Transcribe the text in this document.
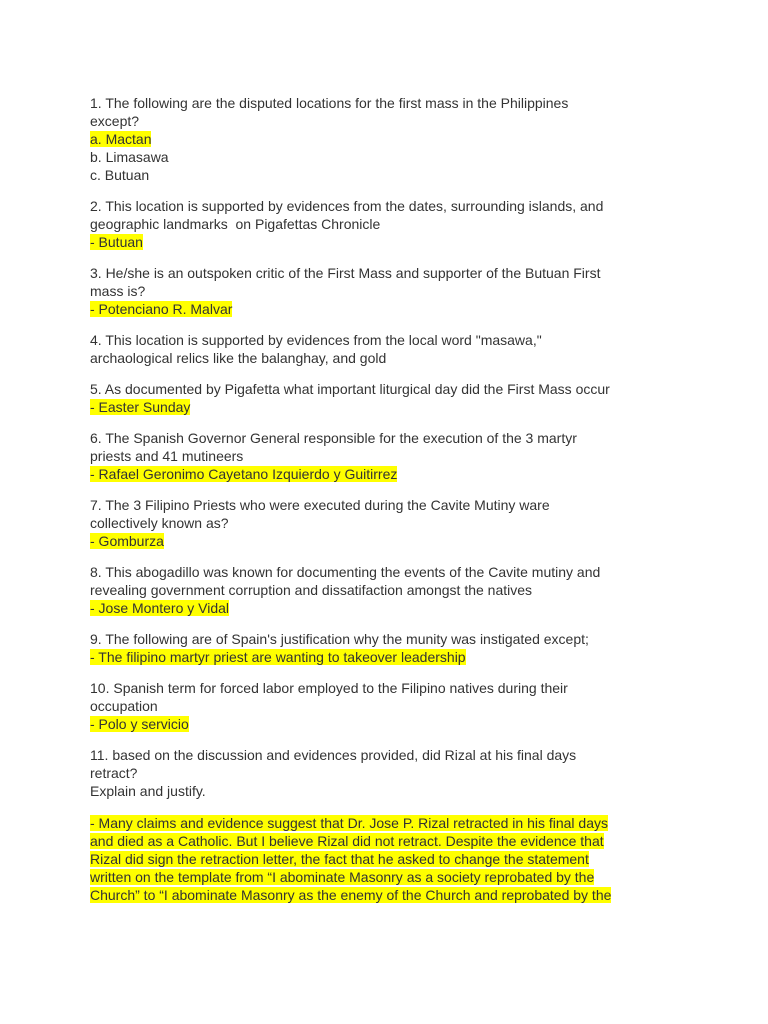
1. The following are the disputed locations for the first mass in the Philippines
except?
a. Mactan
b. Limasawa
c. Butuan
2. This location is supported by evidences from the dates, surrounding islands, and
geographic landmarks  on Pigafettas Chronicle
- Butuan
3. He/she is an outspoken critic of the First Mass and supporter of the Butuan First
mass is?
- Potenciano R. Malvar
4. This location is supported by evidences from the local word "masawa,"
archaological relics like the balanghay, and gold
5. As documented by Pigafetta what important liturgical day did the First Mass occur
- Easter Sunday
6. The Spanish Governor General responsible for the execution of the 3 martyr
priests and 41 mutineers
- Rafael Geronimo Cayetano Izquierdo y Guitirrez
7. The 3 Filipino Priests who were executed during the Cavite Mutiny ware
collectively known as?
- Gomburza
8. This abogadillo was known for documenting the events of the Cavite mutiny and
revealing government corruption and dissatifaction amongst the natives
- Jose Montero y Vidal
9. The following are of Spain's justification why the munity was instigated except;
- The filipino martyr priest are wanting to takeover leadership
10. Spanish term for forced labor employed to the Filipino natives during their
occupation
- Polo y servicio
11. based on the discussion and evidences provided, did Rizal at his final days
retract?
Explain and justify.
- Many claims and evidence suggest that Dr. Jose P. Rizal retracted in his final days
and died as a Catholic. But I believe Rizal did not retract. Despite the evidence that
Rizal did sign the retraction letter, the fact that he asked to change the statement
written on the template from “I abominate Masonry as a society reprobated by the
Church” to “I abominate Masonry as the enemy of the Church and reprobated by the
